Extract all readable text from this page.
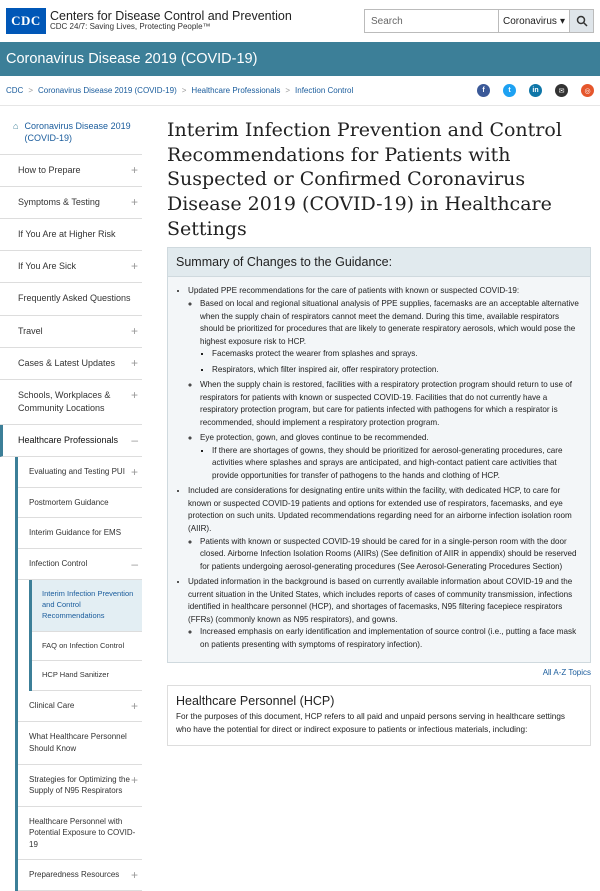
CDC Centers for Disease Control and Prevention
CDC 24/7: Saving Lives, Protecting People™
Search
Coronavirus ▾
Coronavirus Disease 2019 (COVID-19)
CDC > Coronavirus Disease 2019 (COVID-19) > Healthcare Professionals > Infection Control	f	t	in	✉	◎
⌂ Coronavirus Disease 2019 (COVID-19)
How to Prepare	+
Symptoms & Testing	+
If You Are at Higher Risk
If You Are Sick	+
Frequently Asked Questions
Travel	+
Cases & Latest Updates +
Schools, Workplaces & Community Locations
+
Healthcare Professionals –
Evaluating and Testing PUI +
Postmortem Guidance
Interim Guidance for EMS
Infection Control	–
Interim Infection Prevention and Control Recommendations
FAQ on Infection Control
HCP Hand Sanitizer
Clinical Care	+
What Healthcare Personnel Should Know
Strategies for Optimizing the Supply of N95 Respirators
+
Healthcare Personnel with Potential Exposure to COVID-19
Preparedness Resources +
Interim Infection Prevention and Control Recommendations for Patients with Suspected or Confirmed Coronavirus Disease 2019 (COVID-19) in Healthcare Settings
Summary of Changes to the Guidance:
• Updated PPE recommendations for the care of patients with known or suspected COVID-19:
◦ Based on local and regional situational analysis of PPE supplies, facemasks are an acceptable alternative when the supply chain of respirators cannot meet the demand. During this time, available respirators should be prioritized for procedures that are likely to generate respiratory aerosols, which would pose the highest exposure risk to HCP.
▪ Facemasks protect the wearer from splashes and sprays.
▪ Respirators, which filter inspired air, offer respiratory protection.
◦ When the supply chain is restored, facilities with a respiratory protection program should return to use of respirators for patients with known or suspected COVID-19. Facilities that do not currently have a respiratory protection program, but care for patients infected with pathogens for which a respirator is recommended, should implement a respiratory protection program.
◦ Eye protection, gown, and gloves continue to be recommended.
▪ If there are shortages of gowns, they should be prioritized for aerosol-generating procedures, care activities where splashes and sprays are anticipated, and high-contact patient care activities that provide opportunities for transfer of pathogens to the hands and clothing of HCP.
• Included are considerations for designating entire units within the facility, with dedicated HCP, to care for known or suspected COVID-19 patients and options for extended use of respirators, facemasks, and eye protection on such units. Updated recommendations regarding need for an airborne infection isolation room (AIIR).
◦ Patients with known or suspected COVID-19 should be cared for in a single-person room with the door closed. Airborne Infection Isolation Rooms (AIIRs) (See definition of AIIR in appendix) should be reserved for patients undergoing aerosol-generating procedures (See Aerosol-Generating Procedures Section)
• Updated information in the background is based on currently available information about COVID-19 and the current situation in the United States, which includes reports of cases of community transmission, infections identified in healthcare personnel (HCP), and shortages of facemasks, N95 filtering facepiece respirators (FFRs) (commonly known as N95 respirators), and gowns.
◦ Increased emphasis on early identification and implementation of source control (i.e., putting a face mask on patients presenting with symptoms of respiratory infection).
All A-Z Topics
Healthcare Personnel (HCP)

For the purposes of this document, HCP refers to all paid and unpaid persons serving in healthcare settings who have the potential for direct or indirect exposure to patients or infectious materials, including:
